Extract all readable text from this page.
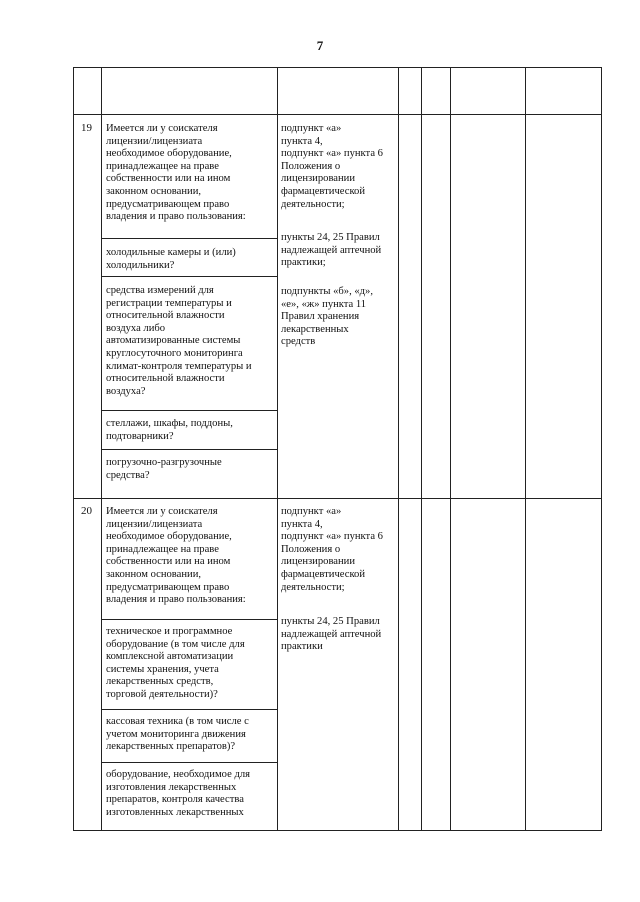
7
19 Имеется ли у соискателя
лицензии/лицензиата
необходимое оборудование,
принадлежащее на праве
собственности или на ином
законном основании,
предусматривающем право
владения и право пользования:
холодильные камеры и (или)
холодильники?
средства измерений для
регистрации температуры и
относительной влажности
воздуха либо
автоматизированные системы
круглосуточного мониторинга
климат-контроля температуры и
относительной влажности
воздуха?
стеллажи, шкафы, поддоны,
подтоварники?
погрузочно-разгрузочные
средства?
подпункт «а»
пункта 4,
подпункт «а» пункта 6
Положения о
лицензировании
фармацевтической
деятельности;
пункты 24, 25 Правил
надлежащей аптечной
практики;
подпункты «б», «д»,
«е», «ж» пункта 11
Правил хранения
лекарственных
средств
20 Имеется ли у соискателя
лицензии/лицензиата
необходимое оборудование,
принадлежащее на праве
собственности или на ином
законном основании,
предусматривающем право
владения и право пользования:
техническое и программное
оборудование (в том числе для
комплексной автоматизации
системы хранения, учета
лекарственных средств,
торговой деятельности)?
кассовая техника (в том числе с
учетом мониторинга движения
лекарственных препаратов)?
оборудование, необходимое для
изготовления лекарственных
препаратов, контроля качества
изготовленных лекарственных
подпункт «а»
пункта 4,
подпункт «а» пункта 6
Положения о
лицензировании
фармацевтической
деятельности;
пункты 24, 25 Правил
надлежащей аптечной
практики
